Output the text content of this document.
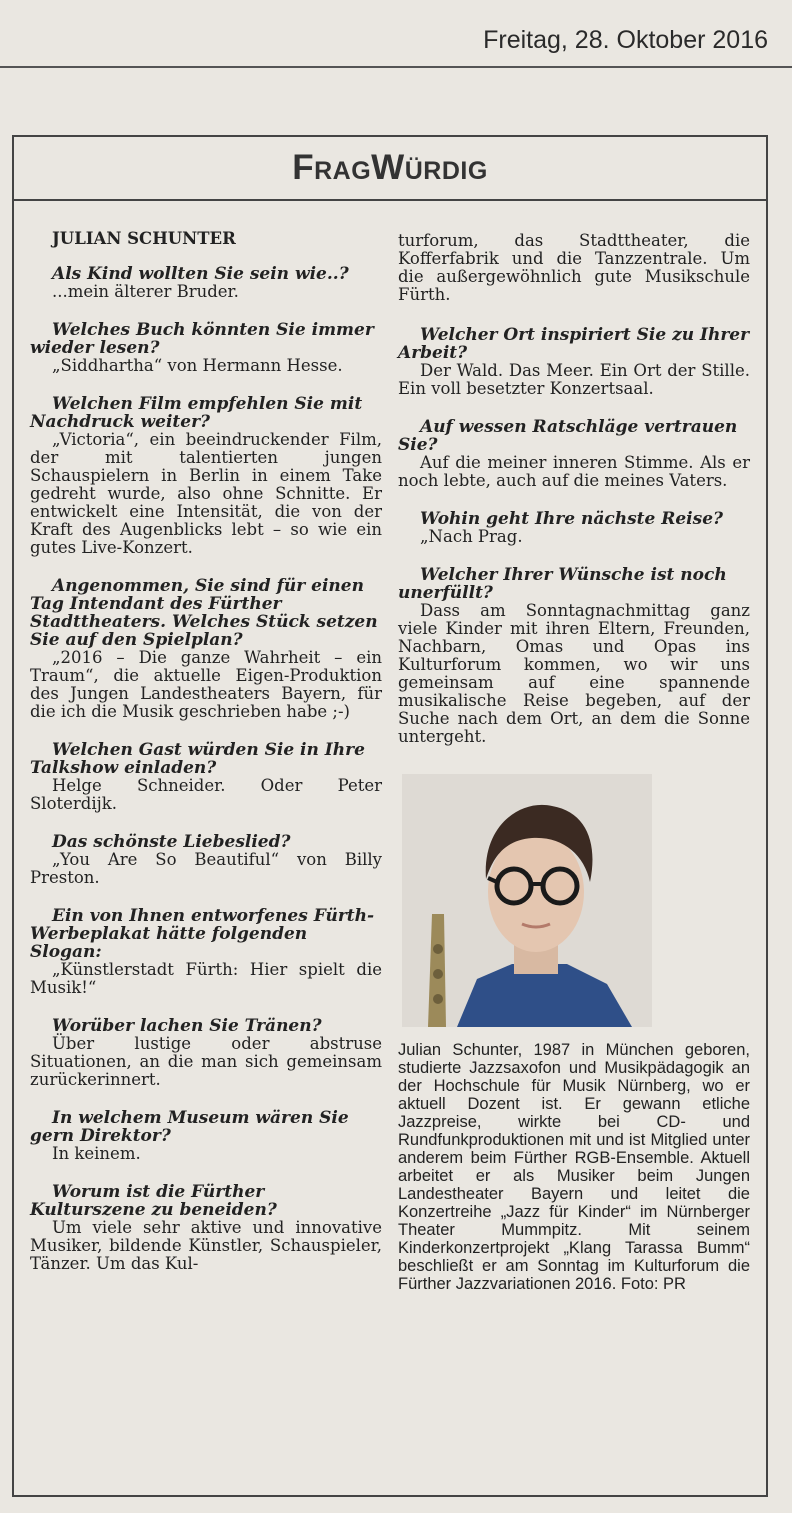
Freitag, 28. Oktober 2016
FRAGWÜRDIG
JULIAN SCHUNTER
Als Kind wollten Sie sein wie..?
...mein älterer Bruder.
Welches Buch könnten Sie immer wieder lesen?
„Siddhartha“ von Hermann Hesse.
Welchen Film empfehlen Sie mit Nachdruck weiter?
„Victoria“, ein beeindruckender Film, der mit talentierten jungen Schauspielern in Berlin in einem Take gedreht wurde, also ohne Schnitte. Er entwickelt eine Intensität, die von der Kraft des Augenblicks lebt – so wie ein gutes Live-Konzert.
Angenommen, Sie sind für einen Tag Intendant des Fürther Stadttheaters. Welches Stück setzen Sie auf den Spielplan?
„2016 – Die ganze Wahrheit – ein Traum“, die aktuelle Eigen-Produktion des Jungen Landestheaters Bayern, für die ich die Musik geschrieben habe ;-)
Welchen Gast würden Sie in Ihre Talkshow einladen?
Helge Schneider. Oder Peter Sloterdijk.
Das schönste Liebeslied?
„You Are So Beautiful“ von Billy Preston.
Ein von Ihnen entworfenes Fürth-Werbeplakat hätte folgenden Slogan:
„Künstlerstadt Fürth: Hier spielt die Musik!“
Worüber lachen Sie Tränen?
Über lustige oder abstruse Situationen, an die man sich gemeinsam zurückerinnert.
In welchem Museum wären Sie gern Direktor?
In keinem.
Worum ist die Fürther Kulturszene zu beneiden?
Um viele sehr aktive und innovative Musiker, bildende Künstler, Schauspieler, Tänzer. Um das Kul-
turforum, das Stadttheater, die Kofferfabrik und die Tanzzentrale. Um die außergewöhnlich gute Musikschule Fürth.
Welcher Ort inspiriert Sie zu Ihrer Arbeit?
Der Wald. Das Meer. Ein Ort der Stille. Ein voll besetzter Konzertsaal.
Auf wessen Ratschläge vertrauen Sie?
Auf die meiner inneren Stimme. Als er noch lebte, auch auf die meines Vaters.
Wohin geht Ihre nächste Reise?
„Nach Prag.
Welcher Ihrer Wünsche ist noch unerfüllt?
Dass am Sonntagnachmittag ganz viele Kinder mit ihren Eltern, Freunden, Nachbarn, Omas und Opas ins Kulturforum kommen, wo wir uns gemeinsam auf eine spannende musikalische Reise begeben, auf der Suche nach dem Ort, an dem die Sonne untergeht.
Julian Schunter, 1987 in München geboren, studierte Jazzsaxofon und Musikpädagogik an der Hochschule für Musik Nürnberg, wo er aktuell Dozent ist. Er gewann etliche Jazzpreise, wirkte bei CD- und Rundfunkproduktionen mit und ist Mitglied unter anderem beim Fürther RGB-Ensemble. Aktuell arbeitet er als Musiker beim Jungen Landestheater Bayern und leitet die Konzertreihe „Jazz für Kinder“ im Nürnberger Theater Mummpitz. Mit seinem Kinderkonzertprojekt „Klang Tarassa Bumm“ beschließt er am Sonntag im Kulturforum die Fürther Jazzvariationen 2016. Foto: PR
